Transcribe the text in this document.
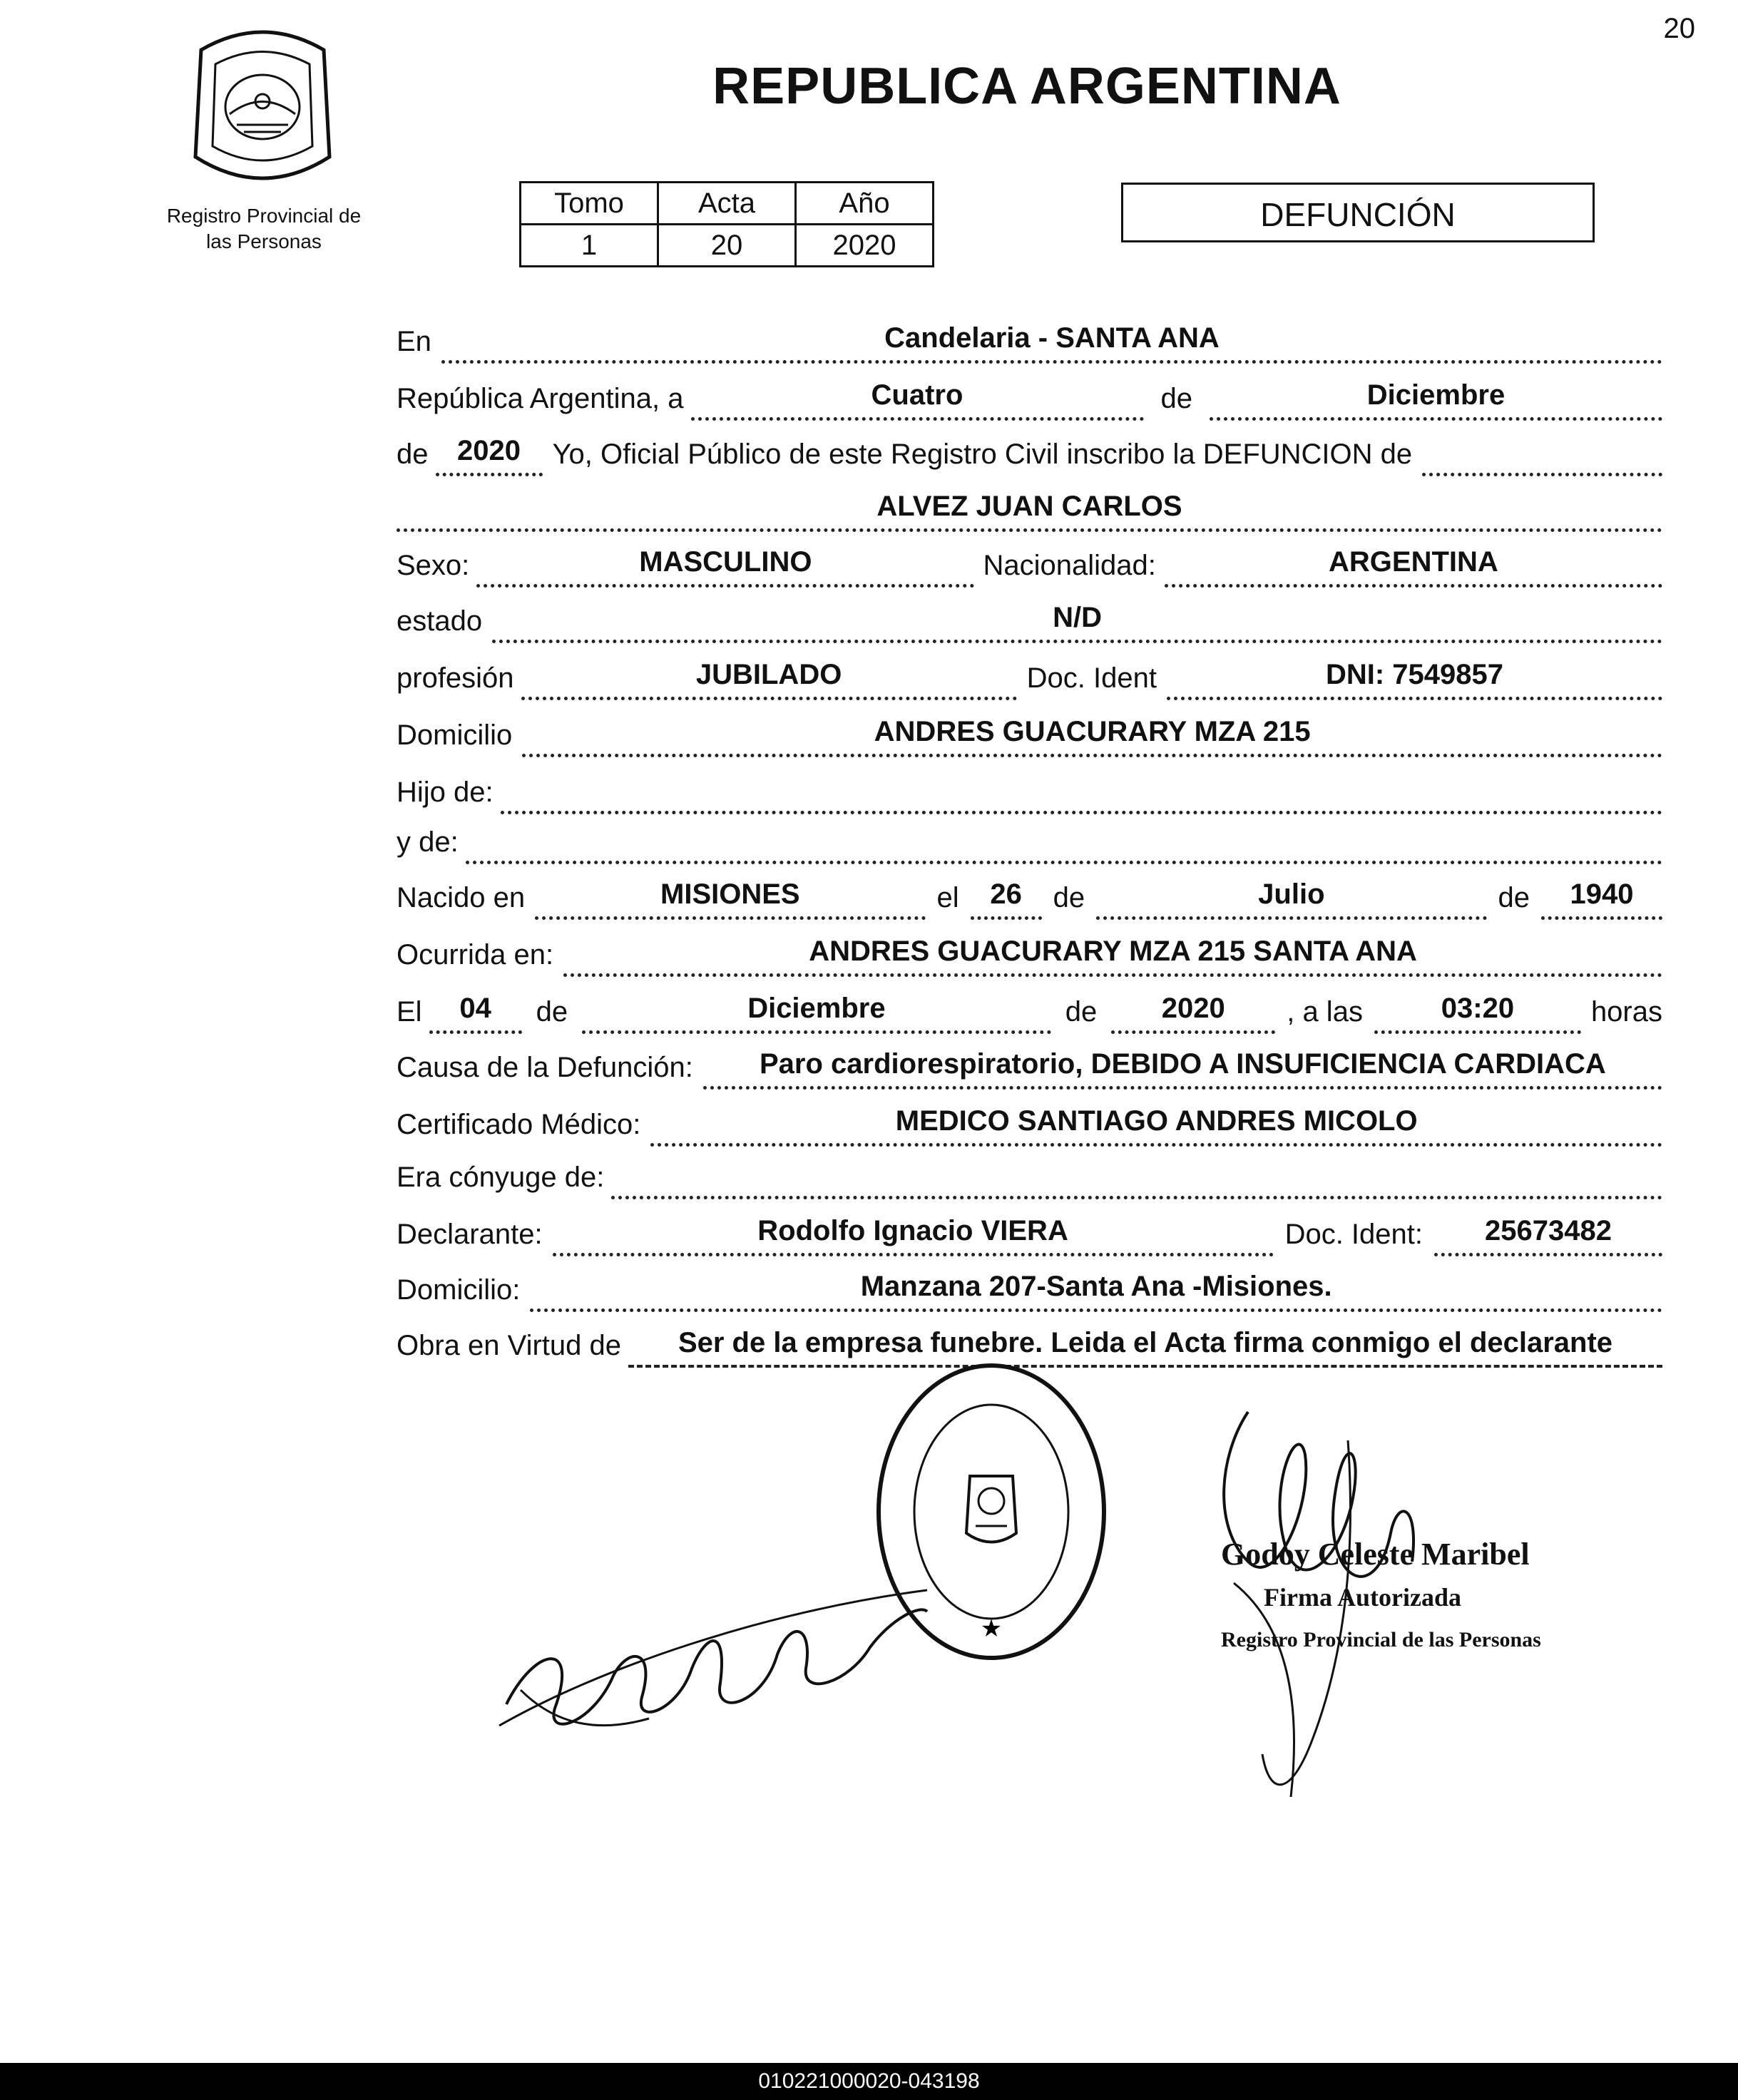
20
Registro Provincial de
las Personas
REPUBLICA ARGENTINA
Tomo	Acta	Año
1	20	2020
DEFUNCIÓN
En	Candelaria - SANTA ANA
República Argentina, a	Cuatro	de	Diciembre
de	2020	Yo, Oficial Público de este Registro Civil inscribo la DEFUNCION de
ALVEZ JUAN CARLOS
Sexo:	MASCULINO	Nacionalidad:	ARGENTINA
estado	N/D
profesión	JUBILADO	Doc. Ident	DNI: 7549857
Domicilio	ANDRES GUACURARY MZA 215
Hijo de:
y de:
Nacido en	MISIONES	el	26	de	Julio	de	1940
Ocurrida en:	ANDRES GUACURARY MZA 215 SANTA ANA
El	04	de	Diciembre	de	2020	, a las	03:20	horas
Causa de la Defunción:	Paro cardiorespiratorio, DEBIDO A INSUFICIENCIA CARDIACA
Certificado Médico:	MEDICO SANTIAGO ANDRES MICOLO
Era cónyuge de:
Declarante:	Rodolfo Ignacio VIERA	Doc. Ident:	25673482
Domicilio:	Manzana 207-Santa Ana -Misiones.
Obra en Virtud de	Ser de la empresa funebre. Leida el Acta firma conmigo el declarante
★
Godoy Celeste Maribel
Firma Autorizada
Registro Provincial de las Personas
010221000020-043198
